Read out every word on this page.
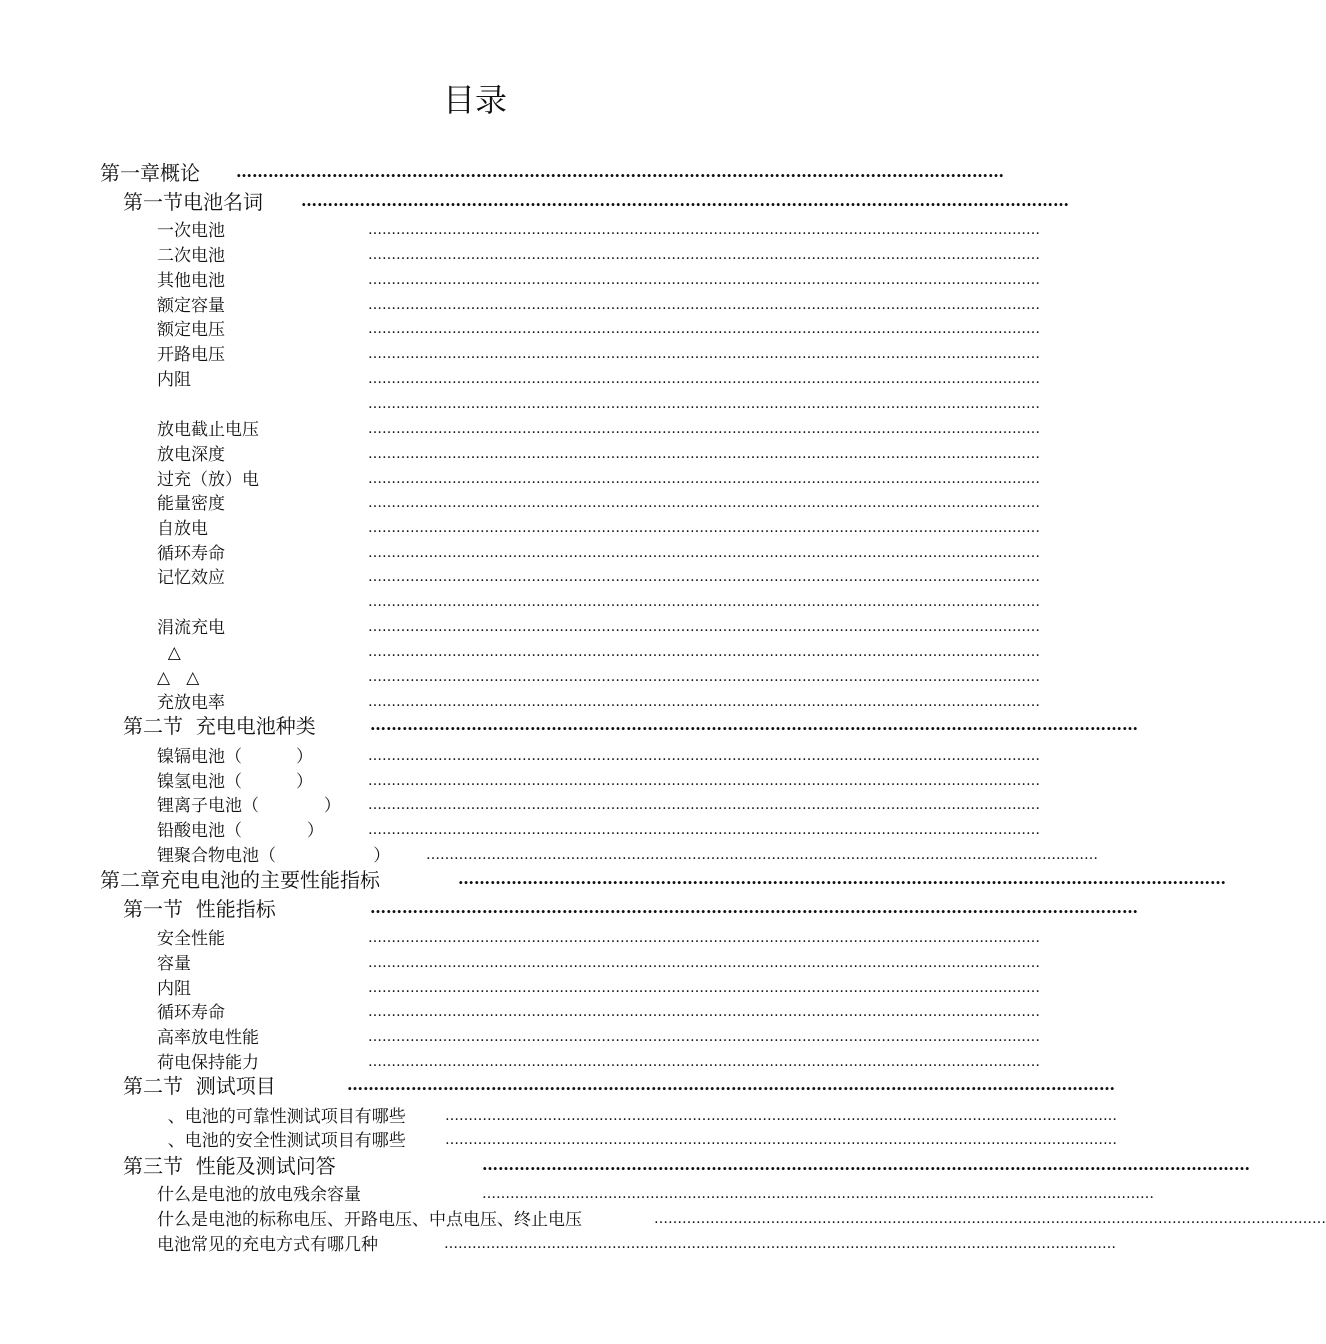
目录
第一章概论 ………………………………………………………………………………………………………………………………
第一节电池名词 ………………………………………………………………………………………………………………………………
一次电池	………………………………………………………………………………………………………………………………
二次电池	………………………………………………………………………………………………………………………………
其他电池	………………………………………………………………………………………………………………………………
额定容量	………………………………………………………………………………………………………………………………
额定电压	………………………………………………………………………………………………………………………………
开路电压	………………………………………………………………………………………………………………………………
内阻	………………………………………………………………………………………………………………………………
………………………………………………………………………………………………………………………………
放电截止电压	………………………………………………………………………………………………………………………………
放电深度	………………………………………………………………………………………………………………………………
过充（放）电	………………………………………………………………………………………………………………………………
能量密度	………………………………………………………………………………………………………………………………
自放电	………………………………………………………………………………………………………………………………
循环寿命	………………………………………………………………………………………………………………………………
记忆效应	………………………………………………………………………………………………………………………………
………………………………………………………………………………………………………………………………
涓流充电	………………………………………………………………………………………………………………………………
△	………………………………………………………………………………………………………………………………
△   △	………………………………………………………………………………………………………………………………
充放电率	………………………………………………………………………………………………………………………………
第二节  充电电池种类	………………………………………………………………………………………………………………………………
镍镉电池（          ）	………………………………………………………………………………………………………………………………
镍氢电池（          ）	………………………………………………………………………………………………………………………………
锂离子电池（            ） ………………………………………………………………………………………………………………………………
铅酸电池（            ）	………………………………………………………………………………………………………………………………
锂聚合物电池（                  ）	………………………………………………………………………………………………………………………………
第二章充电电池的主要性能指标	………………………………………………………………………………………………………………………………
第一节  性能指标	………………………………………………………………………………………………………………………………
安全性能	………………………………………………………………………………………………………………………………
容量	………………………………………………………………………………………………………………………………
内阻	………………………………………………………………………………………………………………………………
循环寿命	………………………………………………………………………………………………………………………………
高率放电性能	………………………………………………………………………………………………………………………………
荷电保持能力	………………………………………………………………………………………………………………………………
第二节  测试项目	………………………………………………………………………………………………………………………………
、电池的可靠性测试项目有哪些	………………………………………………………………………………………………………………………………
、电池的安全性测试项目有哪些	………………………………………………………………………………………………………………………………
第三节  性能及测试问答	………………………………………………………………………………………………………………………………
什么是电池的放电残余容量	………………………………………………………………………………………………………………………………
什么是电池的标称电压、开路电压、中点电压、终止电压	………………………………………………………………………………………………………………………………
电池常见的充电方式有哪几种	………………………………………………………………………………………………………………………………
